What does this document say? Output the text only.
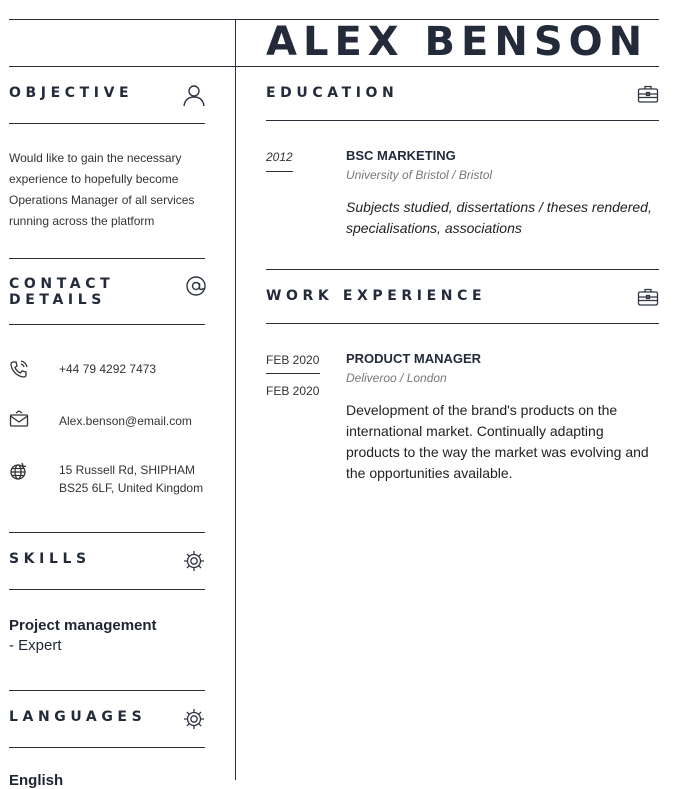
ALEX BENSON
OBJECTIVE

Would like to gain the necessary experience to hopefully become Operations Manager of all services running across the platform

CONTACT DETAILS
+44 79 4292 7473
Alex.benson@email.com
15 Russell Rd, SHIPHAM
BS25 6LF, United Kingdom
SKILLS
Project management
- Expert
LANGUAGES
English
EDUCATION
2012	BSC MARKETING
University of Bristol / Bristol

Subjects studied, dissertations / theses rendered, specialisations, associations

WORK EXPERIENCE
FEB 2020
FEB 2020
PRODUCT MANAGER
Deliveroo / London

Development of the brand's products on the international market. Continually adapting products to the way the market was evolving and the opportunities available.
